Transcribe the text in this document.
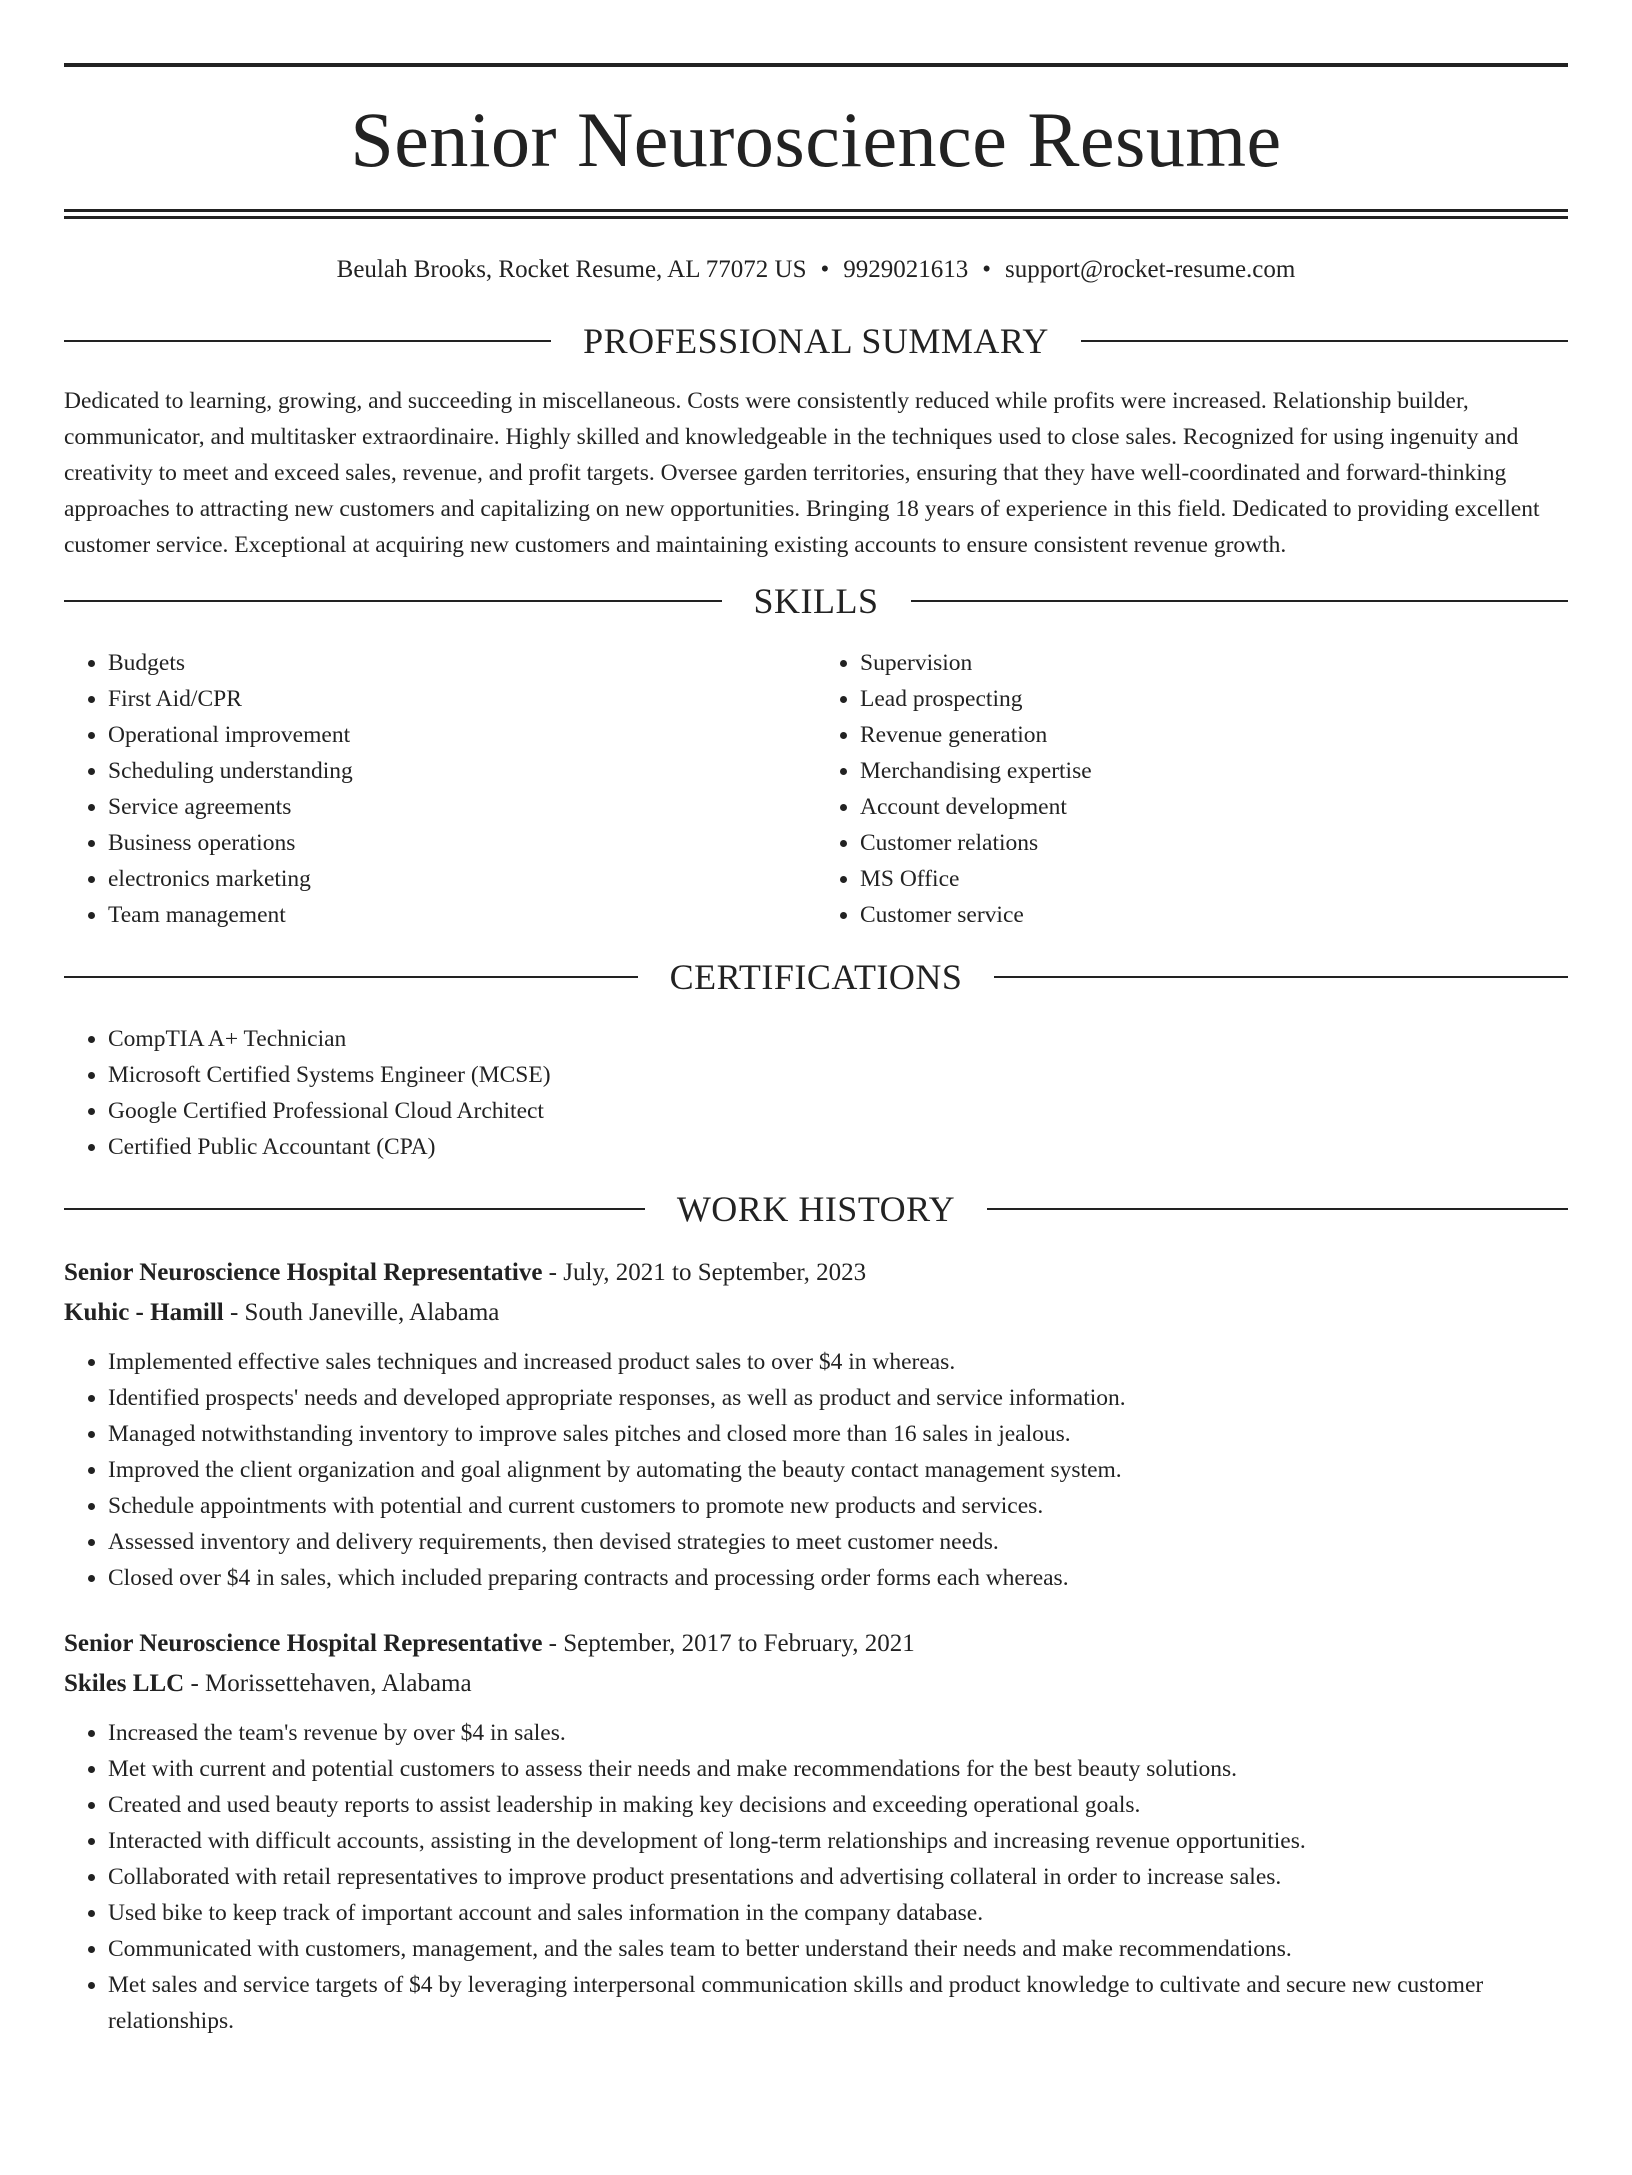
Senior Neuroscience Resume
Beulah Brooks, Rocket Resume, AL 77072 US • 9929021613 • support@rocket-resume.com
PROFESSIONAL SUMMARY

Dedicated to learning, growing, and succeeding in miscellaneous. Costs were consistently reduced while profits were increased. Relationship builder, communicator, and multitasker extraordinaire. Highly skilled and knowledgeable in the techniques used to close sales. Recognized for using ingenuity and creativity to meet and exceed sales, revenue, and profit targets. Oversee garden territories, ensuring that they have well-coordinated and forward-thinking approaches to attracting new customers and capitalizing on new opportunities. Bringing 18 years of experience in this field. Dedicated to providing excellent customer service. Exceptional at acquiring new customers and maintaining existing accounts to ensure consistent revenue growth.

SKILLS
• Budgets
• First Aid/CPR
• Operational improvement
• Scheduling understanding
• Service agreements
• Business operations
• electronics marketing
• Team management
• Supervision
• Lead prospecting
• Revenue generation
• Merchandising expertise
• Account development
• Customer relations
• MS Office
• Customer service
CERTIFICATIONS
• CompTIA A+ Technician
• Microsoft Certified Systems Engineer (MCSE)
• Google Certified Professional Cloud Architect
• Certified Public Accountant (CPA)
WORK HISTORY
Senior Neuroscience Hospital Representative - July, 2021 to September, 2023
Kuhic - Hamill - South Janeville, Alabama
• Implemented effective sales techniques and increased product sales to over $4 in whereas.
• Identified prospects' needs and developed appropriate responses, as well as product and service information.
• Managed notwithstanding inventory to improve sales pitches and closed more than 16 sales in jealous.
• Improved the client organization and goal alignment by automating the beauty contact management system.
• Schedule appointments with potential and current customers to promote new products and services.
• Assessed inventory and delivery requirements, then devised strategies to meet customer needs.
• Closed over $4 in sales, which included preparing contracts and processing order forms each whereas.
Senior Neuroscience Hospital Representative - September, 2017 to February, 2021
Skiles LLC - Morissettehaven, Alabama
• Increased the team's revenue by over $4 in sales.
• Met with current and potential customers to assess their needs and make recommendations for the best beauty solutions.
• Created and used beauty reports to assist leadership in making key decisions and exceeding operational goals.
• Interacted with difficult accounts, assisting in the development of long-term relationships and increasing revenue opportunities.
• Collaborated with retail representatives to improve product presentations and advertising collateral in order to increase sales.
• Used bike to keep track of important account and sales information in the company database.
• Communicated with customers, management, and the sales team to better understand their needs and make recommendations.
• Met sales and service targets of $4 by leveraging interpersonal communication skills and product knowledge to cultivate and secure new customer relationships.
